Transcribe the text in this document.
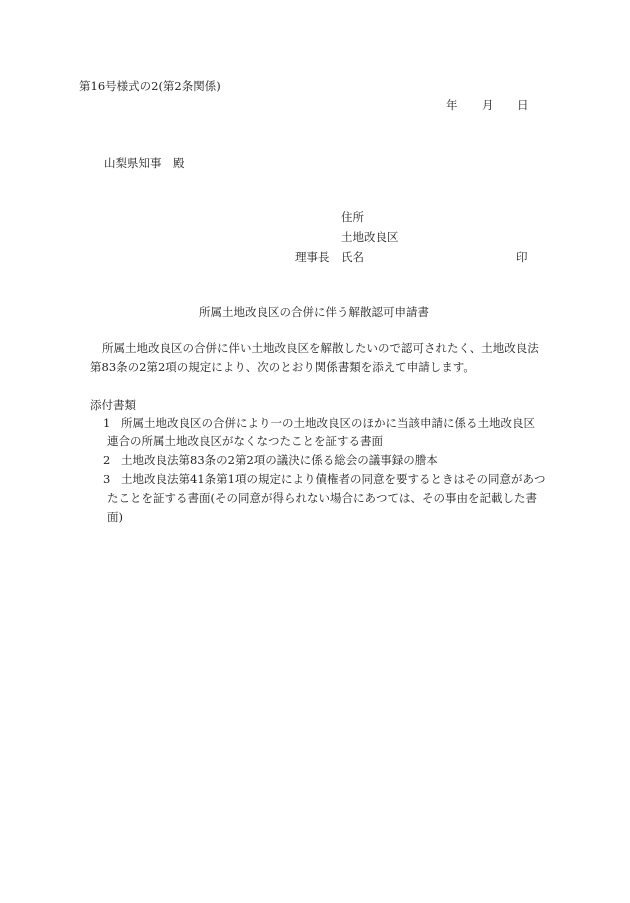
第16号様式の2(第2条関係)
年 月 日
山梨県知事　殿
住所
土地改良区
理事長 氏名	印
所属土地改良区の合併に伴う解散認可申請書
所属土地改良区の合併に伴い土地改良区を解散したいので認可されたく、土地改良法
第83条の2第2項の規定により、次のとおり関係書類を添えて申請します。
添付書類
1 所属土地改良区の合併により一の土地改良区のほかに当該申請に係る土地改良区
連合の所属土地改良区がなくなつたことを証する書面
2 土地改良法第83条の2第2項の議決に係る総会の議事録の謄本
3 土地改良法第41条第1項の規定により債権者の同意を要するときはその同意があつ
たことを証する書面(その同意が得られない場合にあつては、その事由を記載した書
面)
